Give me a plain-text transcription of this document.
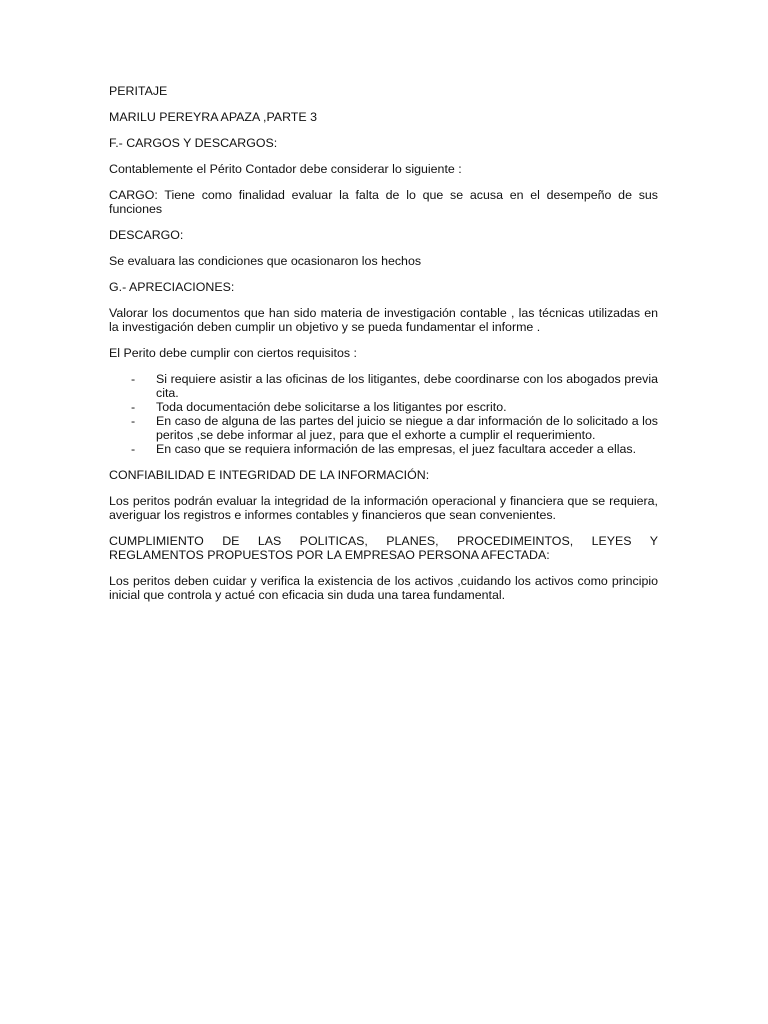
PERITAJE

MARILU PEREYRA APAZA ,PARTE 3

F.- CARGOS Y DESCARGOS:

Contablemente el Périto Contador debe considerar lo siguiente :

CARGO: Tiene como finalidad evaluar la falta de lo que se acusa en el desempeño de sus funciones

DESCARGO:

Se evaluara las condiciones que ocasionaron los hechos

G.- APRECIACIONES:

Valorar los documentos que han sido materia de investigación contable , las técnicas utilizadas en la investigación deben cumplir un objetivo y se pueda fundamentar el informe .

El Perito debe cumplir con ciertos requisitos :

- Si requiere asistir a las oficinas de los litigantes, debe coordinarse con los abogados previa cita.
- Toda documentación debe solicitarse a los litigantes por escrito.
- En caso de alguna de las partes del juicio se niegue a dar información de lo solicitado a los peritos ,se debe informar al juez, para que el exhorte a cumplir el requerimiento.
- En caso que se requiera información de las empresas, el juez facultara acceder a ellas.

CONFIABILIDAD E INTEGRIDAD DE LA INFORMACIÓN:

Los peritos podrán evaluar la integridad de la información operacional y financiera que se requiera, averiguar los registros e informes contables y financieros que sean convenientes.

CUMPLIMIENTO DE LAS POLITICAS, PLANES, PROCEDIMEINTOS, LEYES Y
REGLAMENTOS PROPUESTOS POR LA EMPRESAO PERSONA AFECTADA:

Los peritos deben cuidar y verifica la existencia de los activos ,cuidando los activos como principio inicial que controla y actué con eficacia sin duda una tarea fundamental.
